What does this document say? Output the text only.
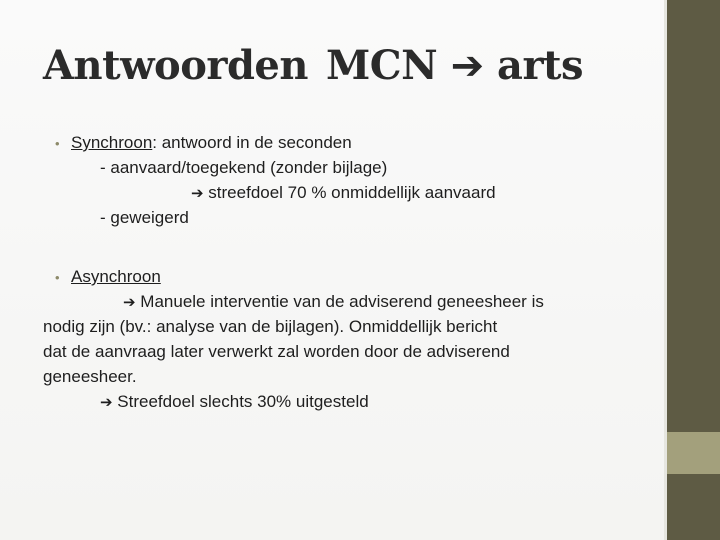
Antwoorden MCN ➔ arts
• Synchroon: antwoord in de seconden
- aanvaard/toegekend (zonder bijlage)
➔ streefdoel 70 % onmiddellijk aanvaard
- geweigerd
• Asynchroon
➔ Manuele interventie van de adviserend geneesheer is
nodig zijn (bv.: analyse van de bijlagen). Onmiddellijk bericht
dat de aanvraag later verwerkt zal worden door de adviserend
geneesheer.
➔ Streefdoel slechts 30% uitgesteld
